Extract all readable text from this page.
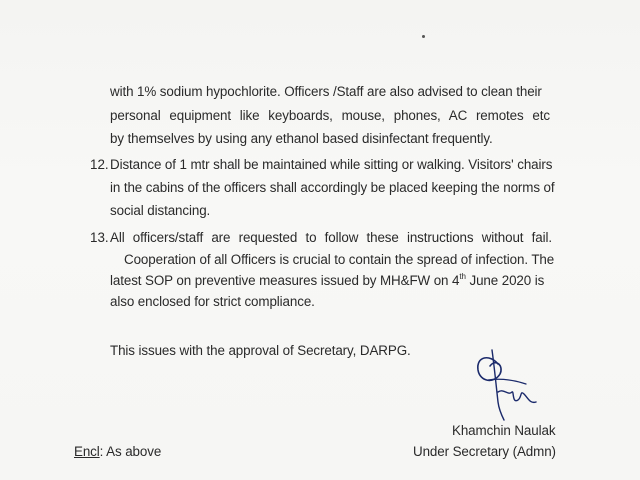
with 1% sodium hypochlorite. Officers /Staff are also advised to clean their
personal equipment like keyboards, mouse, phones, AC remotes etc
by themselves by using any ethanol based disinfectant frequently.
12. Distance of 1 mtr shall be maintained while sitting or walking. Visitors' chairs
in the cabins of the officers shall accordingly be placed keeping the norms of
social distancing.
13. All officers/staff are requested to follow these instructions without fail.
Cooperation of all Officers is crucial to contain the spread of infection. The
latest SOP on preventive measures issued by MH&FW on 4th June 2020 is
also enclosed for strict compliance.
This issues with the approval of Secretary, DARPG.
Khamchin Naulak
Under Secretary (Admn)
Encl: As above
